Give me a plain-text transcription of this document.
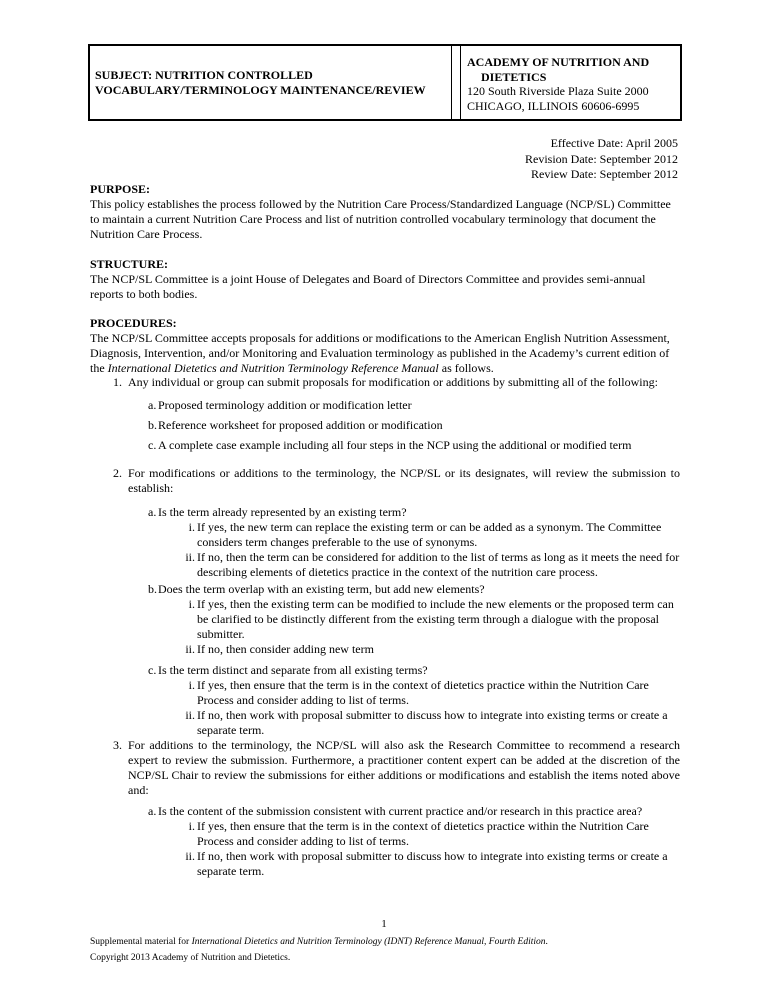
SUBJECT: NUTRITION CONTROLLED
VOCABULARY/TERMINOLOGY MAINTENANCE/REVIEW
ACADEMY OF NUTRITION AND
DIETETICS
120 South Riverside Plaza Suite 2000
CHICAGO, ILLINOIS 60606-6995
Effective Date: April 2005
Revision Date: September 2012
Review Date: September 2012
PURPOSE:
This policy establishes the process followed by the Nutrition Care Process/Standardized Language (NCP/SL) Committee to maintain a current Nutrition Care Process and list of nutrition controlled vocabulary terminology that document the Nutrition Care Process.
STRUCTURE:
The NCP/SL Committee is a joint House of Delegates and Board of Directors Committee and provides semi-annual reports to both bodies.
PROCEDURES:
The NCP/SL Committee accepts proposals for additions or modifications to the American English Nutrition Assessment, Diagnosis, Intervention, and/or Monitoring and Evaluation terminology as published in the Academy’s current edition of the International Dietetics and Nutrition Terminology Reference Manual as follows.
1. Any individual or group can submit proposals for modification or additions by submitting all of the following:
a. Proposed terminology addition or modification letter
b. Reference worksheet for proposed addition or modification
c. A complete case example including all four steps in the NCP using the additional or modified term
2. For modifications or additions to the terminology, the NCP/SL or its designates, will review the submission to establish:
a. Is the term already represented by an existing term?
i. If yes, the new term can replace the existing term or can be added as a synonym. The Committee considers term changes preferable to the use of synonyms.
ii. If no, then the term can be considered for addition to the list of terms as long as it meets the need for describing elements of dietetics practice in the context of the nutrition care process.
b. Does the term overlap with an existing term, but add new elements?
i. If yes, then the existing term can be modified to include the new elements or the proposed term can be clarified to be distinctly different from the existing term through a dialogue with the proposal submitter.
ii. If no, then consider adding new term
c. Is the term distinct and separate from all existing terms?
i. If yes, then ensure that the term is in the context of dietetics practice within the Nutrition Care Process and consider adding to list of terms.
ii. If no, then work with proposal submitter to discuss how to integrate into existing terms or create a separate term.
3. For additions to the terminology, the NCP/SL will also ask the Research Committee to recommend a research expert to review the submission. Furthermore, a practitioner content expert can be added at the discretion of the NCP/SL Chair to review the submissions for either additions or modifications and establish the items noted above and:
a. Is the content of the submission consistent with current practice and/or research in this practice area?
i. If yes, then ensure that the term is in the context of dietetics practice within the Nutrition Care Process and consider adding to list of terms.
ii. If no, then work with proposal submitter to discuss how to integrate into existing terms or create a separate term.
1
Supplemental material for International Dietetics and Nutrition Terminology (IDNT) Reference Manual, Fourth Edition.
Copyright 2013 Academy of Nutrition and Dietetics.
